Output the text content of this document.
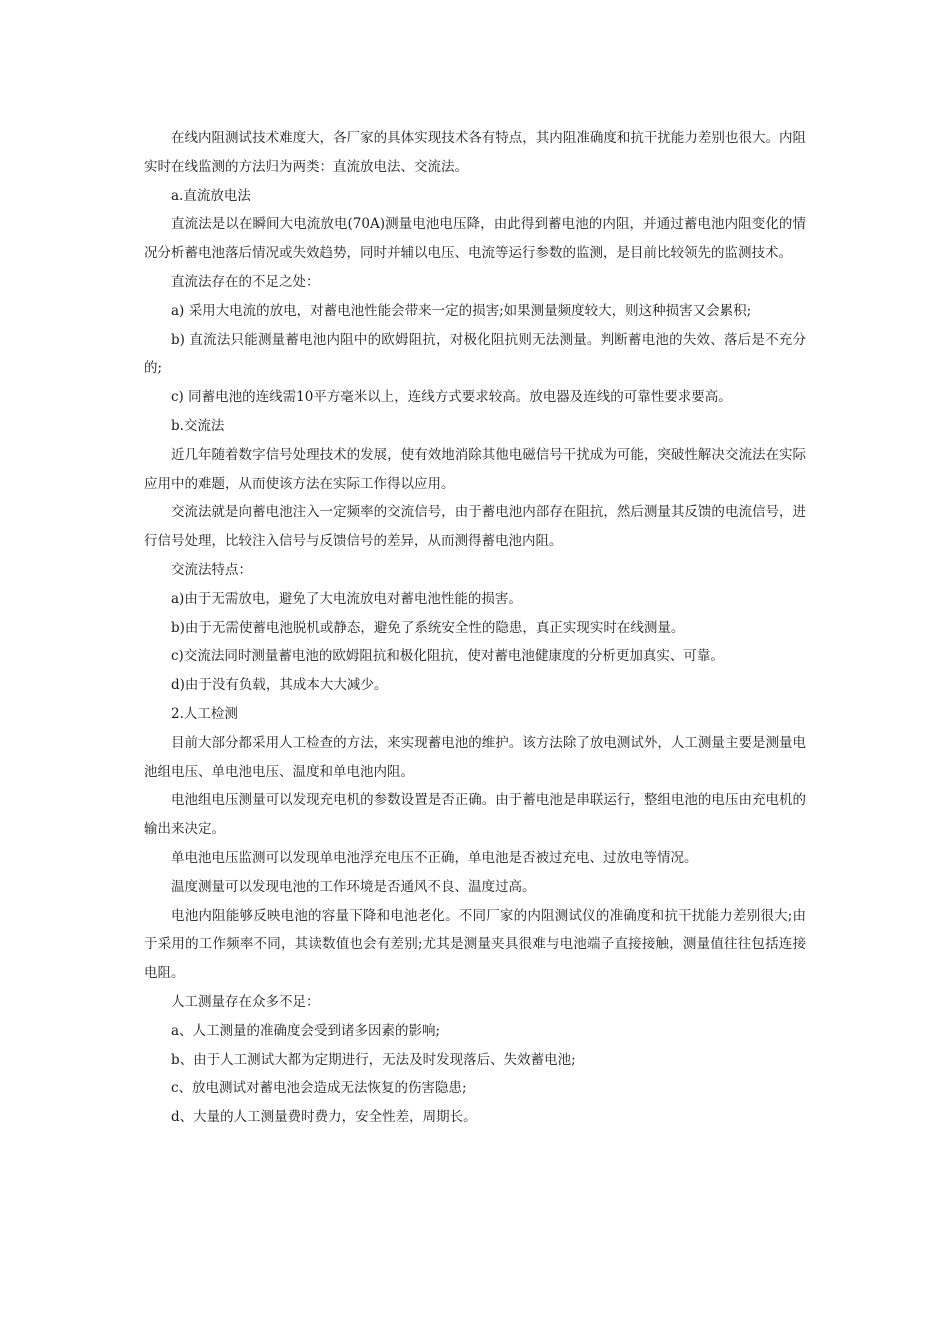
在线内阻测试技术难度大，各厂家的具体实现技术各有特点，其内阻准确度和抗干扰能力差别也很大。内阻实时在线监测的方法归为两类：直流放电法、交流法。

a.直流放电法

直流法是以在瞬间大电流放电(70A)测量电池电压降，由此得到蓄电池的内阻，并通过蓄电池内阻变化的情况分析蓄电池落后情况或失效趋势，同时并辅以电压、电流等运行参数的监测，是目前比较领先的监测技术。

直流法存在的不足之处：

a) 采用大电流的放电，对蓄电池性能会带来一定的损害;如果测量频度较大，则这种损害又会累积;

b) 直流法只能测量蓄电池内阻中的欧姆阻抗，对极化阻抗则无法测量。判断蓄电池的失效、落后是不充分的;

c) 同蓄电池的连线需10平方毫米以上，连线方式要求较高。放电器及连线的可靠性要求要高。

b.交流法

近几年随着数字信号处理技术的发展，使有效地消除其他电磁信号干扰成为可能，突破性解决交流法在实际应用中的难题，从而使该方法在实际工作得以应用。

交流法就是向蓄电池注入一定频率的交流信号，由于蓄电池内部存在阻抗，然后测量其反馈的电流信号，进行信号处理，比较注入信号与反馈信号的差异，从而测得蓄电池内阻。

交流法特点：

a)由于无需放电，避免了大电流放电对蓄电池性能的损害。

b)由于无需使蓄电池脱机或静态，避免了系统安全性的隐患，真正实现实时在线测量。

c)交流法同时测量蓄电池的欧姆阻抗和极化阻抗，使对蓄电池健康度的分析更加真实、可靠。

d)由于没有负载，其成本大大减少。

2.人工检测

目前大部分都采用人工检查的方法，来实现蓄电池的维护。该方法除了放电测试外，人工测量主要是测量电池组电压、单电池电压、温度和单电池内阻。

电池组电压测量可以发现充电机的参数设置是否正确。由于蓄电池是串联运行，整组电池的电压由充电机的输出来决定。

单电池电压监测可以发现单电池浮充电压不正确，单电池是否被过充电、过放电等情况。

温度测量可以发现电池的工作环境是否通风不良、温度过高。

电池内阻能够反映电池的容量下降和电池老化。不同厂家的内阻测试仪的准确度和抗干扰能力差别很大;由于采用的工作频率不同，其读数值也会有差别;尤其是测量夹具很难与电池端子直接接触，测量值往往包括连接电阻。

人工测量存在众多不足：

a、人工测量的准确度会受到诸多因素的影响;

b、由于人工测试大都为定期进行，无法及时发现落后、失效蓄电池;

c、放电测试对蓄电池会造成无法恢复的伤害隐患;

d、大量的人工测量费时费力，安全性差，周期长。
